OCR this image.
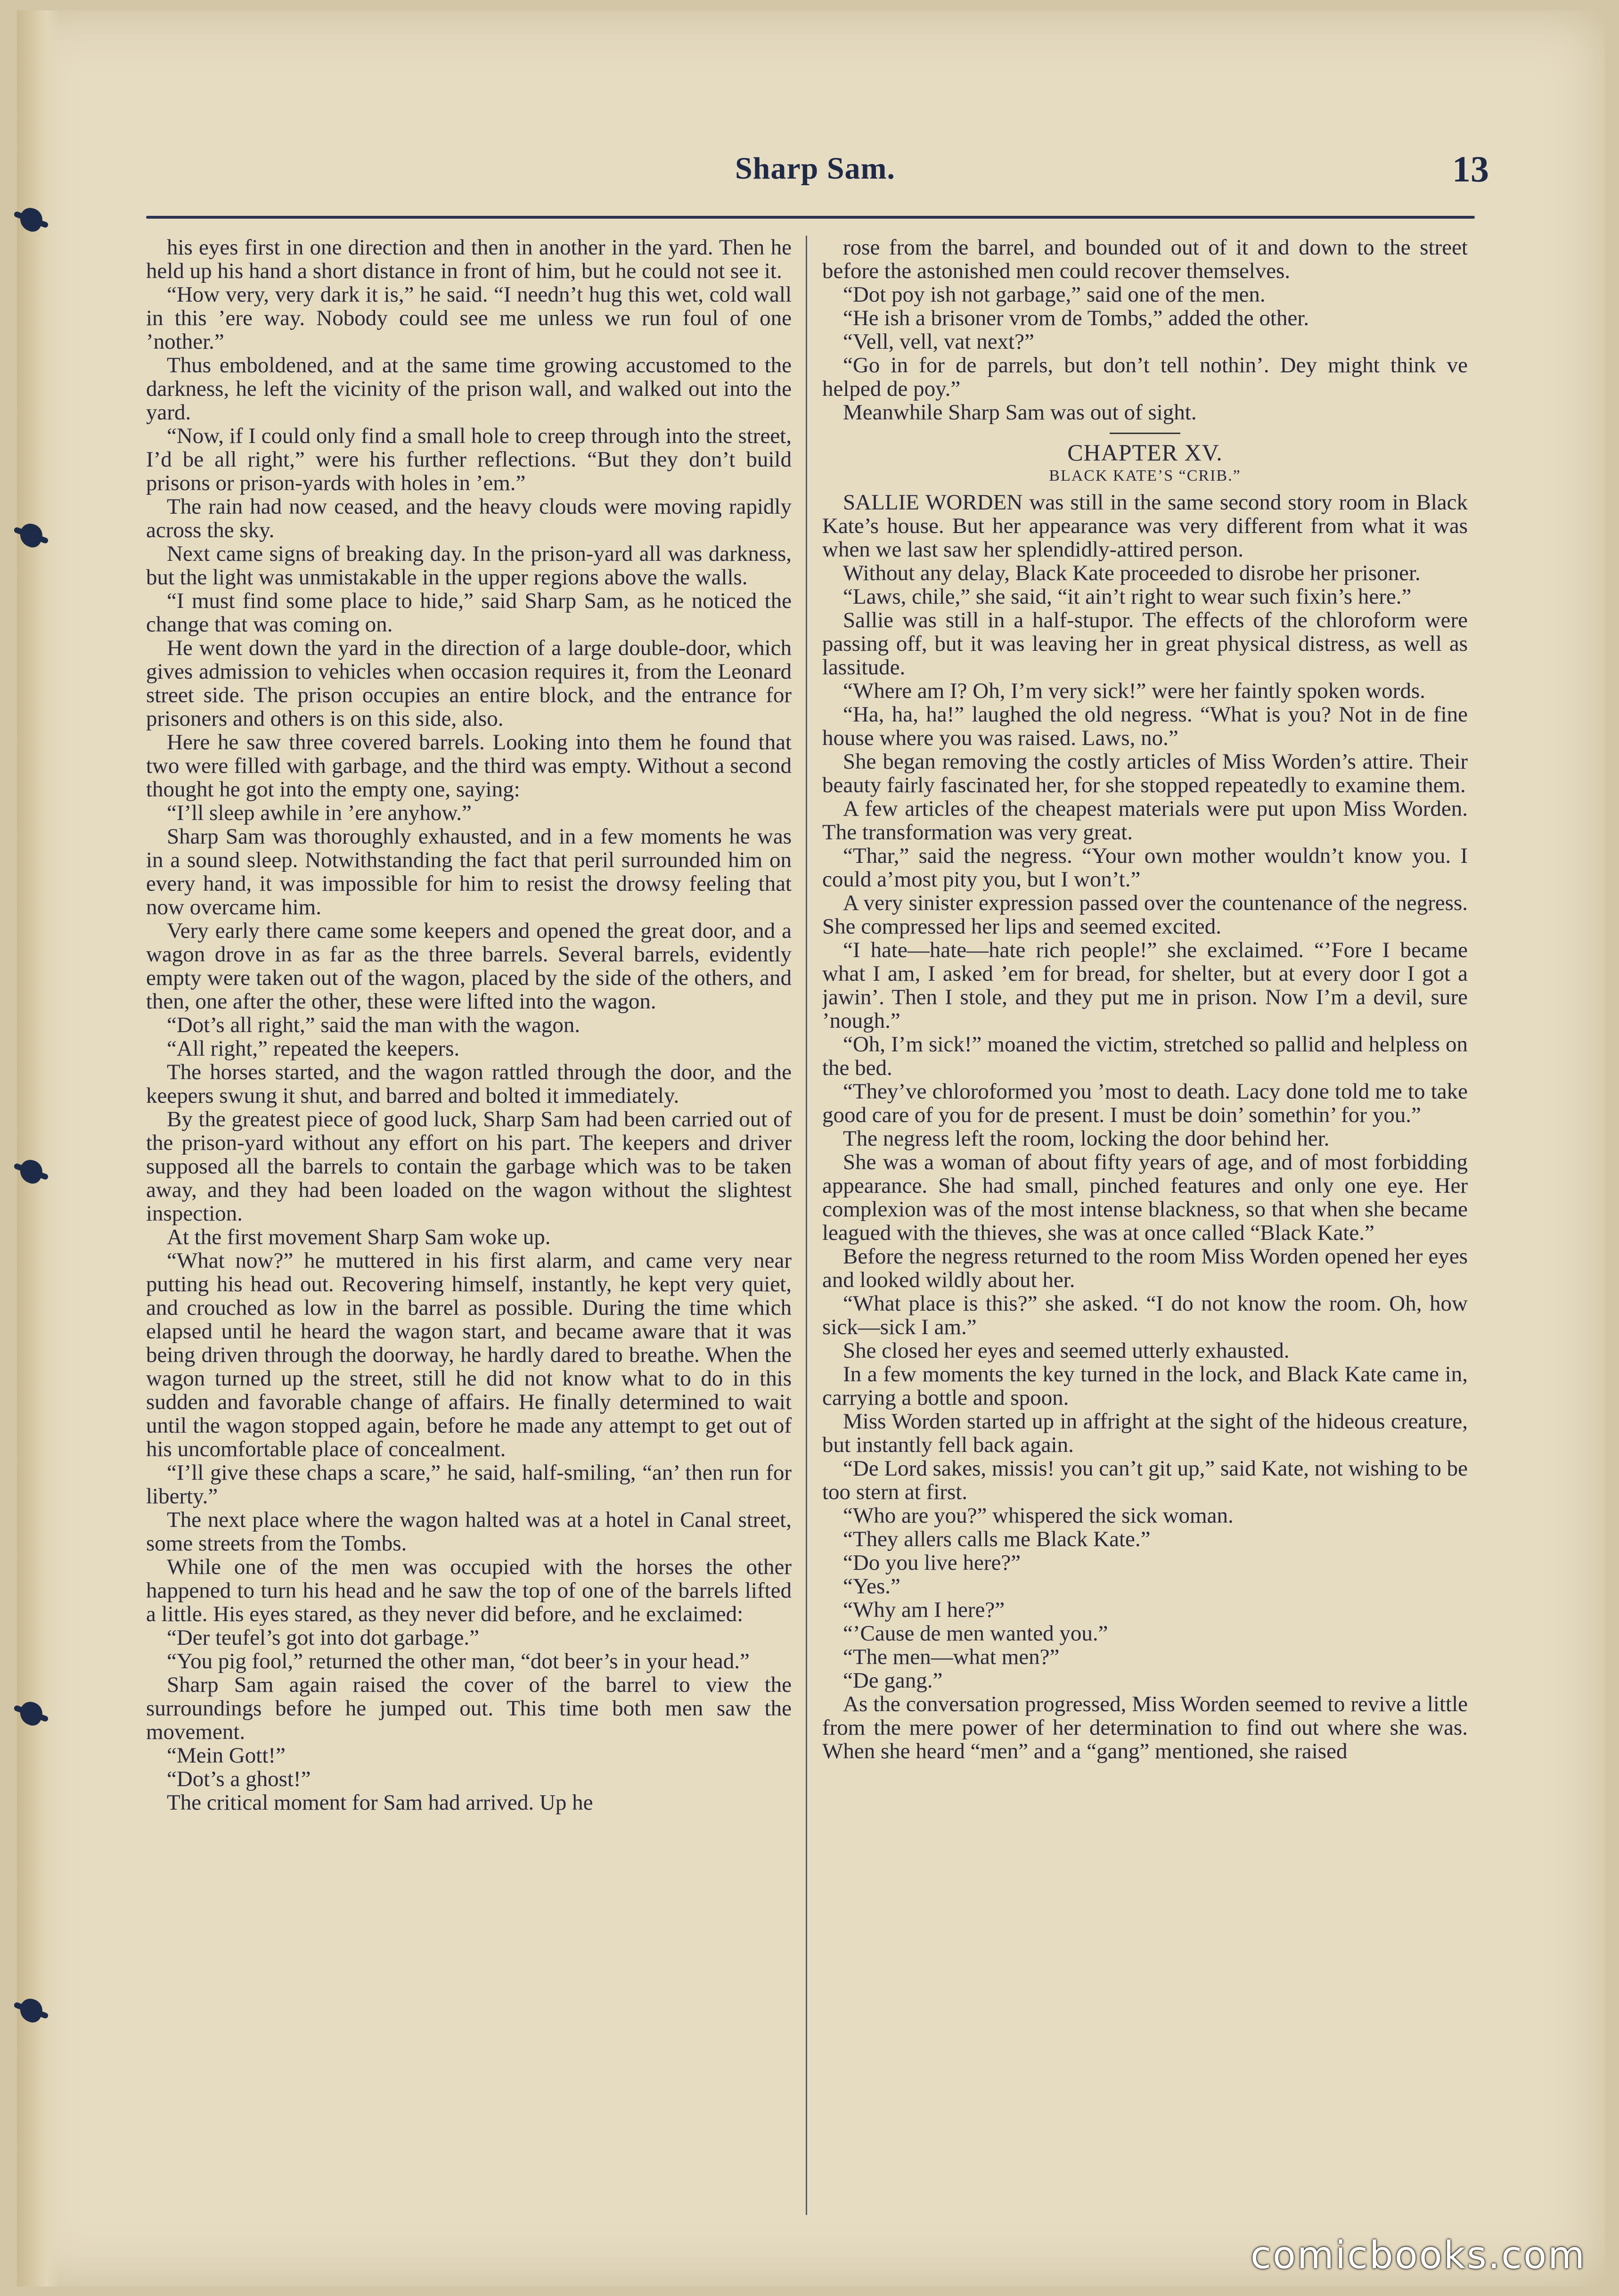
Sharp Sam.	13

his eyes first in one direction and then in another in the yard. Then he held up his hand a short distance in front of him, but he could not see it.

“How very, very dark it is,” he said. “I needn’t hug this wet, cold wall in this ’ere way. Nobody could see me unless we run foul of one ’nother.”

Thus emboldened, and at the same time growing accustomed to the darkness, he left the vicinity of the prison wall, and walked out into the yard.

“Now, if I could only find a small hole to creep through into the street, I’d be all right,” were his further reflections. “But they don’t build prisons or prison-yards with holes in ’em.”

The rain had now ceased, and the heavy clouds were moving rapidly across the sky.

Next came signs of breaking day. In the prison-yard all was darkness, but the light was unmistakable in the upper regions above the walls.

“I must find some place to hide,” said Sharp Sam, as he noticed the change that was coming on.

He went down the yard in the direction of a large double-door, which gives admission to vehicles when occasion requires it, from the Leonard street side. The prison occupies an entire block, and the entrance for prisoners and others is on this side, also.

Here he saw three covered barrels. Looking into them he found that two were filled with garbage, and the third was empty. Without a second thought he got into the empty one, saying:

“I’ll sleep awhile in ’ere anyhow.”

Sharp Sam was thoroughly exhausted, and in a few moments he was in a sound sleep. Notwithstanding the fact that peril surrounded him on every hand, it was impossible for him to resist the drowsy feeling that now overcame him.

Very early there came some keepers and opened the great door, and a wagon drove in as far as the three barrels. Several barrels, evidently empty were taken out of the wagon, placed by the side of the others, and then, one after the other, these were lifted into the wagon.

“Dot’s all right,” said the man with the wagon.

“All right,” repeated the keepers.

The horses started, and the wagon rattled through the door, and the keepers swung it shut, and barred and bolted it immediately.

By the greatest piece of good luck, Sharp Sam had been carried out of the prison-yard without any effort on his part. The keepers and driver supposed all the barrels to contain the garbage which was to be taken away, and they had been loaded on the wagon without the slightest inspection.

At the first movement Sharp Sam woke up.

“What now?” he muttered in his first alarm, and came very near putting his head out. Recovering himself, instantly, he kept very quiet, and crouched as low in the barrel as possible. During the time which elapsed until he heard the wagon start, and became aware that it was being driven through the doorway, he hardly dared to breathe. When the wagon turned up the street, still he did not know what to do in this sudden and favorable change of affairs. He finally determined to wait until the wagon stopped again, before he made any attempt to get out of his uncomfortable place of concealment.

“I’ll give these chaps a scare,” he said, half-smiling, “an’ then run for liberty.”

The next place where the wagon halted was at a hotel in Canal street, some streets from the Tombs.

While one of the men was occupied with the horses the other happened to turn his head and he saw the top of one of the barrels lifted a little. His eyes stared, as they never did before, and he exclaimed:

“Der teufel’s got into dot garbage.”

“You pig fool,” returned the other man, “dot beer’s in your head.”

Sharp Sam again raised the cover of the barrel to view the surroundings before he jumped out. This time both men saw the movement.

“Mein Gott!”

“Dot’s a ghost!”

The critical moment for Sam had arrived. Up he

rose from the barrel, and bounded out of it and down to the street before the astonished men could recover themselves.

“Dot poy ish not garbage,” said one of the men.

“He ish a brisoner vrom de Tombs,” added the other.

“Vell, vell, vat next?”

“Go in for de parrels, but don’t tell nothin’. Dey might think ve helped de poy.”

Meanwhile Sharp Sam was out of sight.

CHAPTER XV.

BLACK KATE’S “CRIB.”

SALLIE WORDEN was still in the same second story room in Black Kate’s house. But her appearance was very different from what it was when we last saw her splendidly-attired person.

Without any delay, Black Kate proceeded to disrobe her prisoner.

“Laws, chile,” she said, “it ain’t right to wear such fixin’s here.”

Sallie was still in a half-stupor. The effects of the chloroform were passing off, but it was leaving her in great physical distress, as well as lassitude.

“Where am I? Oh, I’m very sick!” were her faintly spoken words.

“Ha, ha, ha!” laughed the old negress. “What is you? Not in de fine house where you was raised. Laws, no.”

She began removing the costly articles of Miss Worden’s attire. Their beauty fairly fascinated her, for she stopped repeatedly to examine them.

A few articles of the cheapest materials were put upon Miss Worden. The transformation was very great.

“Thar,” said the negress. “Your own mother wouldn’t know you. I could a’most pity you, but I won’t.”

A very sinister expression passed over the countenance of the negress. She compressed her lips and seemed excited.

“I hate—hate—hate rich people!” she exclaimed. “’Fore I became what I am, I asked ’em for bread, for shelter, but at every door I got a jawin’. Then I stole, and they put me in prison. Now I’m a devil, sure ’nough.”

“Oh, I’m sick!” moaned the victim, stretched so pallid and helpless on the bed.

“They’ve chloroformed you ’most to death. Lacy done told me to take good care of you for de present. I must be doin’ somethin’ for you.”

The negress left the room, locking the door behind her.

She was a woman of about fifty years of age, and of most forbidding appearance. She had small, pinched features and only one eye. Her complexion was of the most intense blackness, so that when she became leagued with the thieves, she was at once called “Black Kate.”

Before the negress returned to the room Miss Worden opened her eyes and looked wildly about her.

“What place is this?” she asked. “I do not know the room. Oh, how sick—sick I am.”

She closed her eyes and seemed utterly exhausted.

In a few moments the key turned in the lock, and Black Kate came in, carrying a bottle and spoon.

Miss Worden started up in affright at the sight of the hideous creature, but instantly fell back again.

“De Lord sakes, missis! you can’t git up,” said Kate, not wishing to be too stern at first.

“Who are you?” whispered the sick woman.

“They allers calls me Black Kate.”

“Do you live here?”

“Yes.”

“Why am I here?”

“’Cause de men wanted you.”

“The men—what men?”

“De gang.”

As the conversation progressed, Miss Worden seemed to revive a little from the mere power of her determination to find out where she was. When she heard “men” and a “gang” mentioned, she raised

comicbooks.com
